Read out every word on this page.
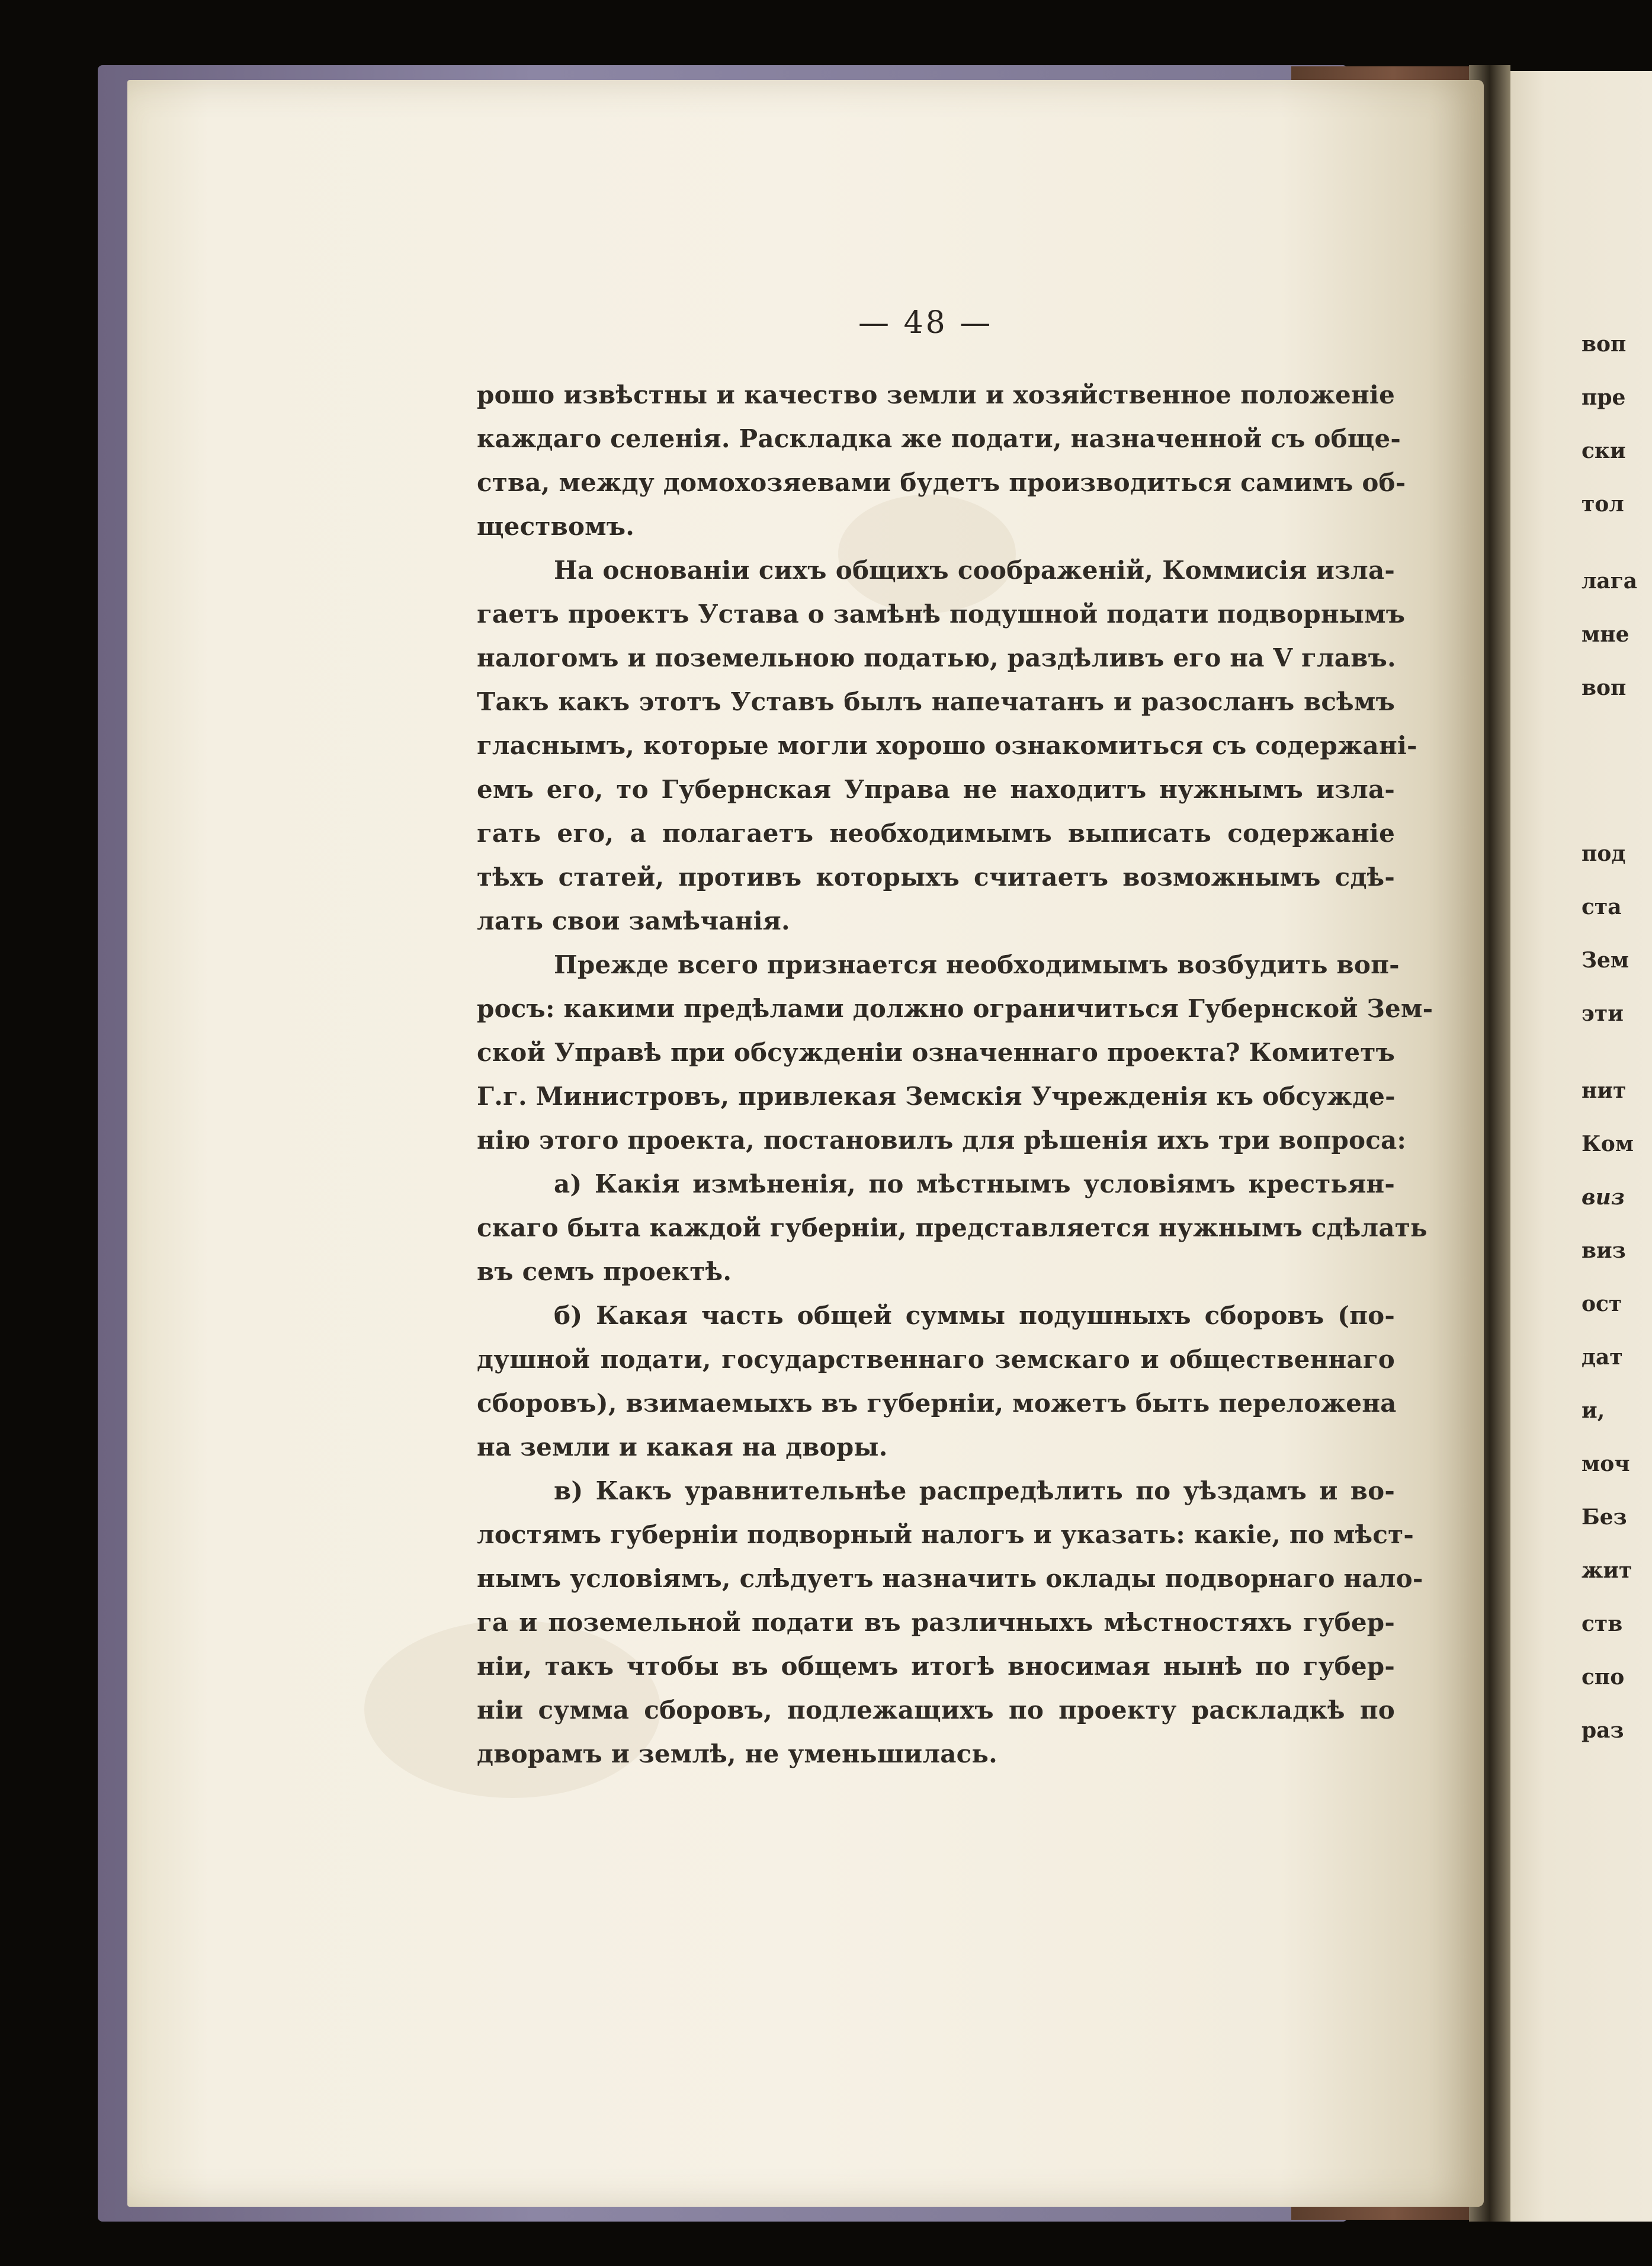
воп
пре
ски
тол
лага
мне
воп
под
ста
Зем
эти
нит
Ком
виз
виз
ост
дат
и,
моч
Без
жит
ств
спо
раз
— 48 —
рошо извѣстны и качество земли и хозяйственное положеніе
каждаго селенія. Раскладка же подати, назначенной съ обще-
ства, между домохозяевами будетъ производиться самимъ об-
ществомъ.
На основаніи сихъ общихъ соображеній, Коммисія изла-
гаетъ проектъ Устава о замѣнѣ подушной подати подворнымъ
налогомъ и поземельною податью, раздѣливъ его на V главъ.
Такъ какъ этотъ Уставъ былъ напечатанъ и разосланъ всѣмъ
гласнымъ, которые могли хорошо ознакомиться съ содержані-
емъ его, то Губернская Управа не находитъ нужнымъ изла-
гать его, а полагаетъ необходимымъ выписать содержаніе
тѣхъ статей, противъ которыхъ считаетъ возможнымъ сдѣ-
лать свои замѣчанія.
Прежде всего признается необходимымъ возбудить воп-
росъ: какими предѣлами должно ограничиться Губернской Зем-
ской Управѣ при обсужденіи означеннаго проекта? Комитетъ
Г.г. Министровъ, привлекая Земскія Учрежденія къ обсужде-
нію этого проекта, постановилъ для рѣшенія ихъ три вопроса:
а) Какія измѣненія, по мѣстнымъ условіямъ крестьян-
скаго быта каждой губерніи, представляется нужнымъ сдѣлать
въ семъ проектѣ.
б) Какая часть общей суммы подушныхъ сборовъ (по-
душной подати, государственнаго земскаго и общественнаго
сборовъ), взимаемыхъ въ губерніи, можетъ быть переложена
на земли и какая на дворы.
в) Какъ уравнительнѣе распредѣлить по уѣздамъ и во-
лостямъ губерніи подворный налогъ и указать: какіе, по мѣст-
нымъ условіямъ, слѣдуетъ назначить оклады подворнаго нало-
га и поземельной подати въ различныхъ мѣстностяхъ губер-
ніи, такъ чтобы въ общемъ итогѣ вносимая нынѣ по губер-
ніи сумма сборовъ, подлежащихъ по проекту раскладкѣ по
дворамъ и землѣ, не уменьшилась.
